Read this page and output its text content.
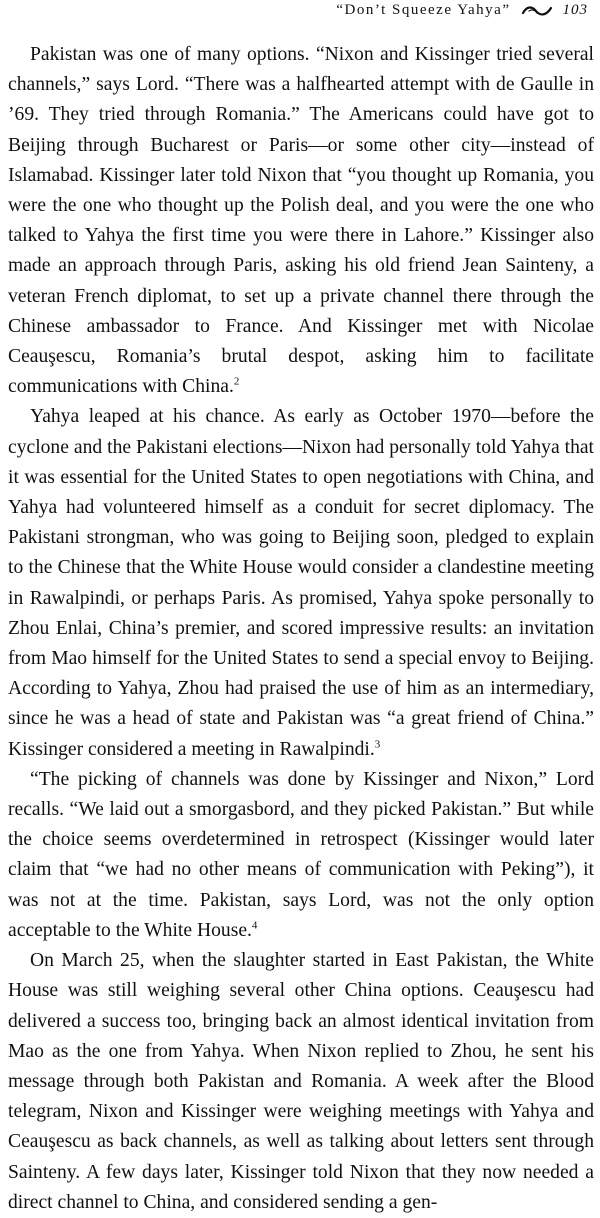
“Don’t Squeeze Yahya”	103

Pakistan was one of many options. “Nixon and Kissinger tried several channels,” says Lord. “There was a halfhearted attempt with de Gaulle in ’69. They tried through Romania.” The Americans could have got to Beijing through Bucharest or Paris—or some other city—instead of Islamabad. Kissinger later told Nixon that “you thought up Romania, you were the one who thought up the Polish deal, and you were the one who talked to Yahya the first time you were there in Lahore.” Kissinger also made an approach through Paris, asking his old friend Jean Sainteny, a veteran French diplomat, to set up a private channel there through the Chinese ambassador to France. And Kissinger met with Nicolae Ceauşescu, Romania’s brutal despot, asking him to facilitate communications with China.$^2$

Yahya leaped at his chance. As early as October 1970—before the cyclone and the Pakistani elections—Nixon had personally told Yahya that it was essential for the United States to open negotiations with China, and Yahya had volunteered himself as a conduit for secret diplomacy. The Pakistani strongman, who was going to Beijing soon, pledged to explain to the Chinese that the White House would consider a clandestine meeting in Rawalpindi, or perhaps Paris. As promised, Yahya spoke personally to Zhou Enlai, China’s premier, and scored impressive results: an invitation from Mao himself for the United States to send a special envoy to Beijing. According to Yahya, Zhou had praised the use of him as an intermediary, since he was a head of state and Pakistan was “a great friend of China.” Kissinger considered a meeting in Rawalpindi.$^3$

“The picking of channels was done by Kissinger and Nixon,” Lord recalls. “We laid out a smorgasbord, and they picked Pakistan.” But while the choice seems overdetermined in retrospect (Kissinger would later claim that “we had no other means of communication with Peking”), it was not at the time. Pakistan, says Lord, was not the only option acceptable to the White House.$^4$

On March 25, when the slaughter started in East Pakistan, the White House was still weighing several other China options. Ceauşescu had delivered a success too, bringing back an almost identical invitation from Mao as the one from Yahya. When Nixon replied to Zhou, he sent his message through both Pakistan and Romania. A week after the Blood telegram, Nixon and Kissinger were weighing meetings with Yahya and Ceauşescu as back channels, as well as talking about letters sent through Sainteny. A few days later, Kissinger told Nixon that they now needed a direct channel to China, and considered sending a gen-
